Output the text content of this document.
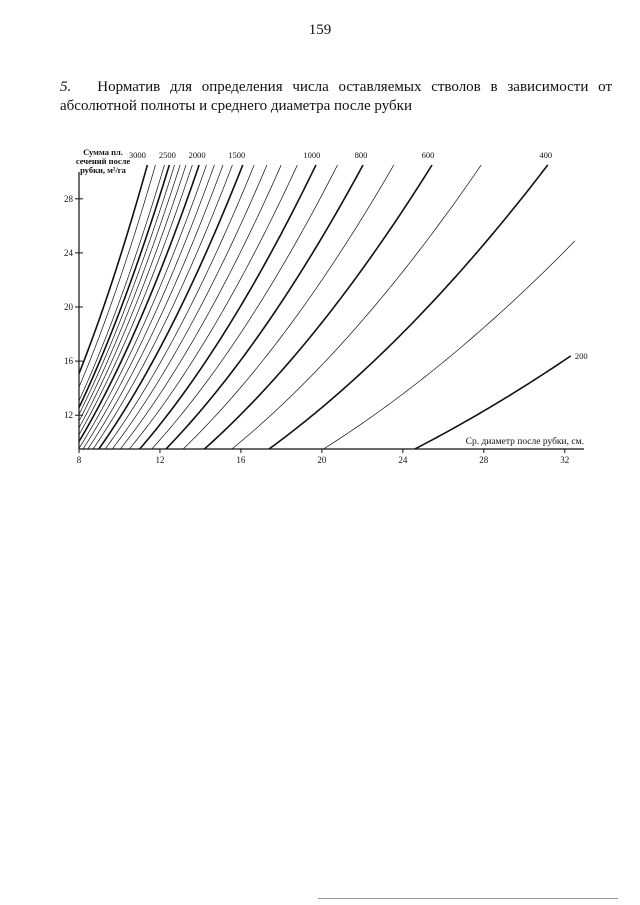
159
5. Норматив для определения числа оставляемых стволов в зависимости от абсолютной полноты и среднего диаметра после рубки
8	12	16	20	24	28	32
12
16
20
24
28
3000 2500 2000	1500	1000	800	600	400
200
Сумма пл.
сечений после
рубки, м²/га
Ср. диаметр после рубки, см.
